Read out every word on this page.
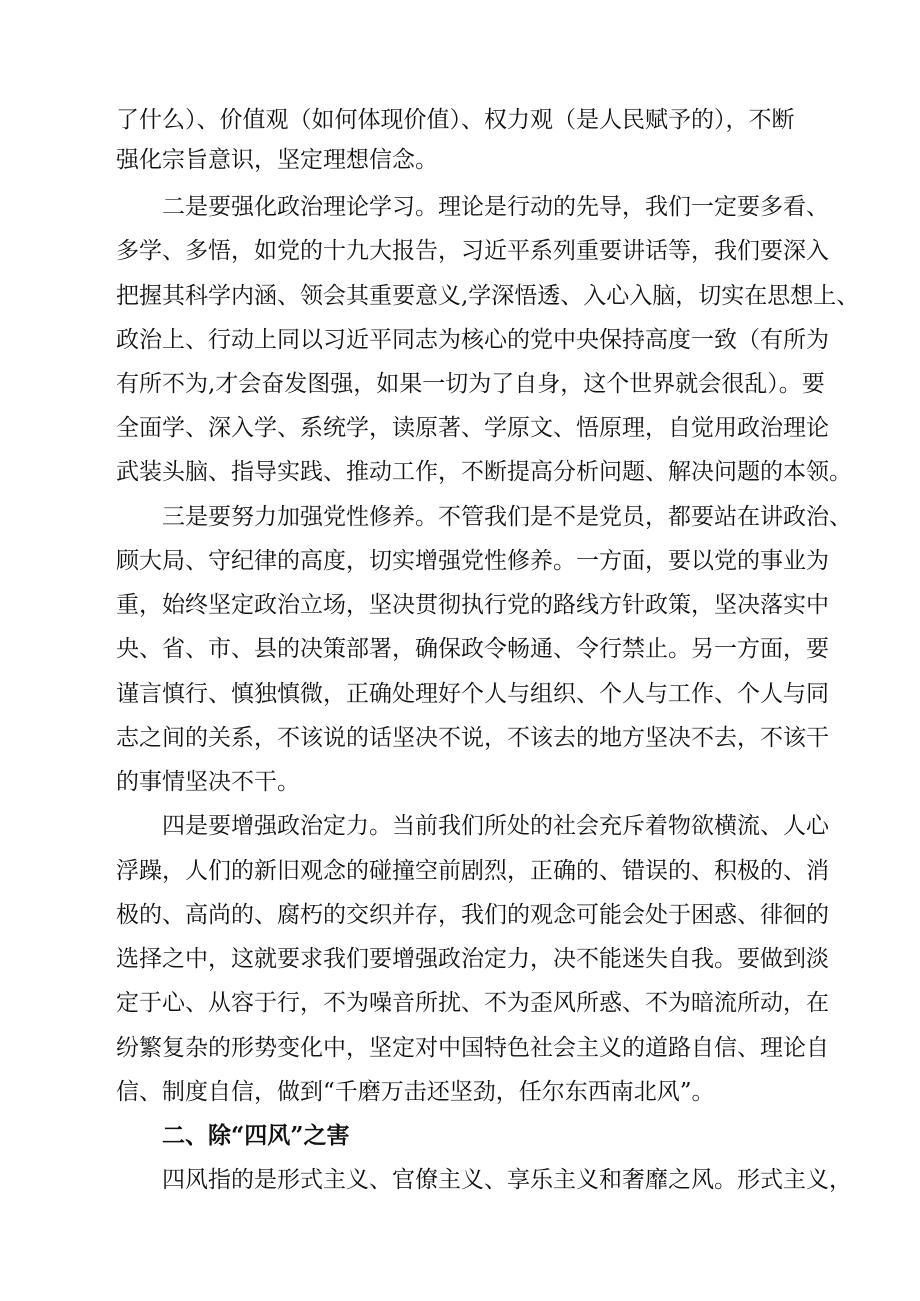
了什么）、价值观（如何体现价值）、权力观（是人民赋予的），不断
强化宗旨意识，坚定理想信念。
　　二是要强化政治理论学习。理论是行动的先导，我们一定要多看、
多学、多悟，如党的十九大报告，习近平系列重要讲话等，我们要深入
把握其科学内涵、领会其重要意义,学深悟透、入心入脑，切实在思想上、
政治上、行动上同以习近平同志为核心的党中央保持高度一致（有所为
有所不为,才会奋发图强，如果一切为了自身，这个世界就会很乱）。要
全面学、深入学、系统学，读原著、学原文、悟原理，自觉用政治理论
武装头脑、指导实践、推动工作，不断提高分析问题、解决问题的本领。
　　三是要努力加强党性修养。不管我们是不是党员，都要站在讲政治、
顾大局、守纪律的高度，切实增强党性修养。一方面，要以党的事业为
重，始终坚定政治立场，坚决贯彻执行党的路线方针政策，坚决落实中
央、省、市、县的决策部署，确保政令畅通、令行禁止。另一方面，要
谨言慎行、慎独慎微，正确处理好个人与组织、个人与工作、个人与同
志之间的关系，不该说的话坚决不说，不该去的地方坚决不去，不该干
的事情坚决不干。
　　四是要增强政治定力。当前我们所处的社会充斥着物欲横流、人心
浮躁，人们的新旧观念的碰撞空前剧烈，正确的、错误的、积极的、消
极的、高尚的、腐朽的交织并存，我们的观念可能会处于困惑、徘徊的
选择之中，这就要求我们要增强政治定力，决不能迷失自我。要做到淡
定于心、从容于行，不为噪音所扰、不为歪风所惑、不为暗流所动，在
纷繁复杂的形势变化中，坚定对中国特色社会主义的道路自信、理论自
信、制度自信，做到“千磨万击还坚劲，任尔东西南北风”。
　　二、除“四风”之害
　　四风指的是形式主义、官僚主义、享乐主义和奢靡之风。形式主义，
